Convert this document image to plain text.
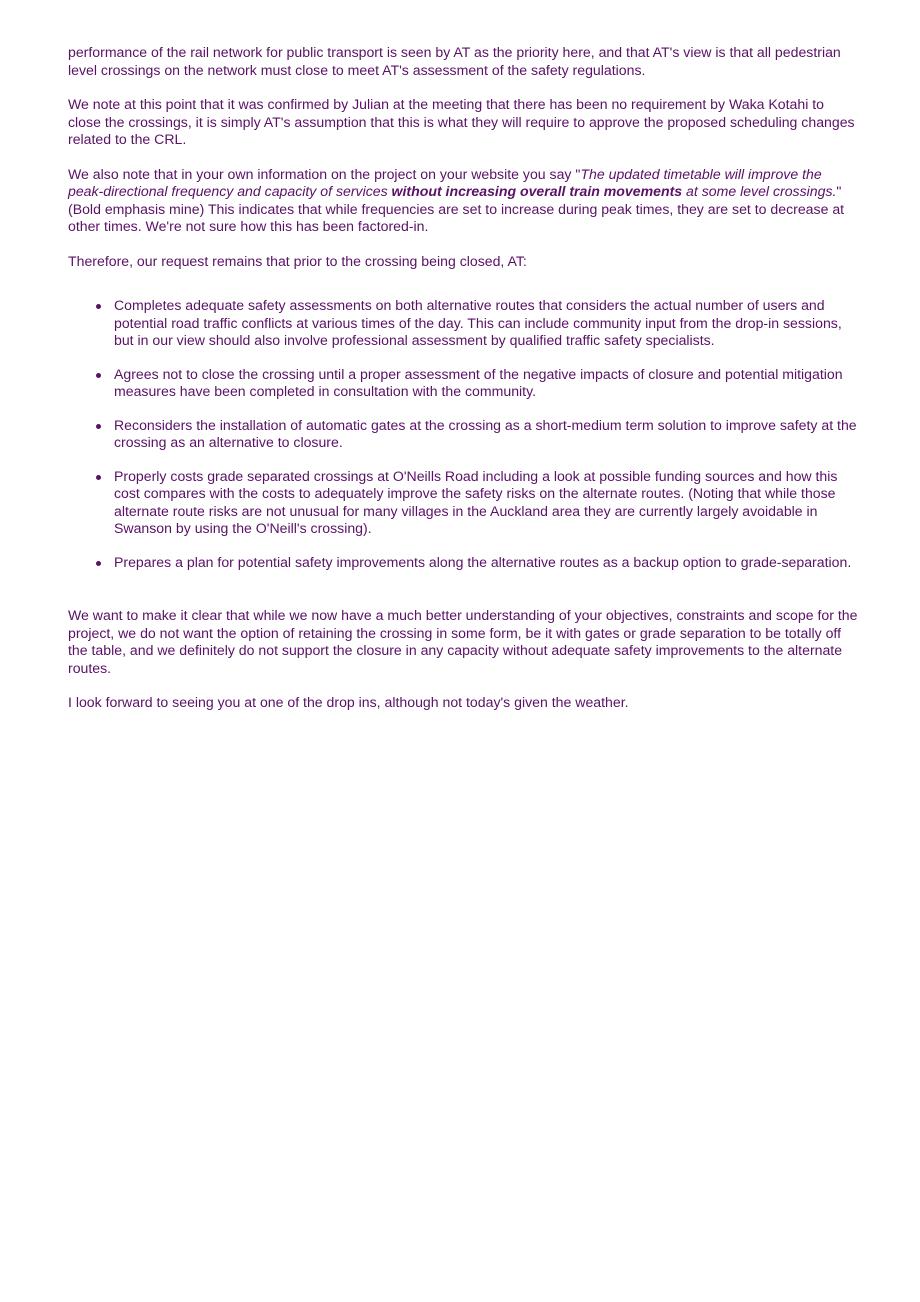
performance of the rail network for public transport is seen by AT as the priority here, and that AT's view is that all pedestrian level crossings on the network must close to meet AT's assessment of the safety regulations.

We note at this point that it was confirmed by Julian at the meeting that there has been no requirement by Waka Kotahi to close the crossings, it is simply AT's assumption that this is what they will require to approve the proposed scheduling changes related to the CRL.

We also note that in your own information on the project on your website you say "The updated timetable will improve the peak-directional frequency and capacity of services without increasing overall train movements at some level crossings." (Bold emphasis mine) This indicates that while frequencies are set to increase during peak times, they are set to decrease at other times. We're not sure how this has been factored-in.

Therefore, our request remains that prior to the crossing being closed, AT:

Completes adequate safety assessments on both alternative routes that considers the actual number of users and potential road traffic conflicts at various times of the day. This can include community input from the drop-in sessions, but in our view should also involve professional assessment by qualified traffic safety specialists.
Agrees not to close the crossing until a proper assessment of the negative impacts of closure and potential mitigation measures have been completed in consultation with the community.
Reconsiders the installation of automatic gates at the crossing as a short-medium term solution to improve safety at the crossing as an alternative to closure.
Properly costs grade separated crossings at O'Neills Road including a look at possible funding sources and how this cost compares with the costs to adequately improve the safety risks on the alternate routes. (Noting that while those alternate route risks are not unusual for many villages in the Auckland area they are currently largely avoidable in Swanson by using the O'Neill's crossing).
Prepares a plan for potential safety improvements along the alternative routes as a backup option to grade-separation.

We want to make it clear that while we now have a much better understanding of your objectives, constraints and scope for the project, we do not want the option of retaining the crossing in some form, be it with gates or grade separation to be totally off the table, and we definitely do not support the closure in any capacity without adequate safety improvements to the alternate routes.

I look forward to seeing you at one of the drop ins, although not today's given the weather.
